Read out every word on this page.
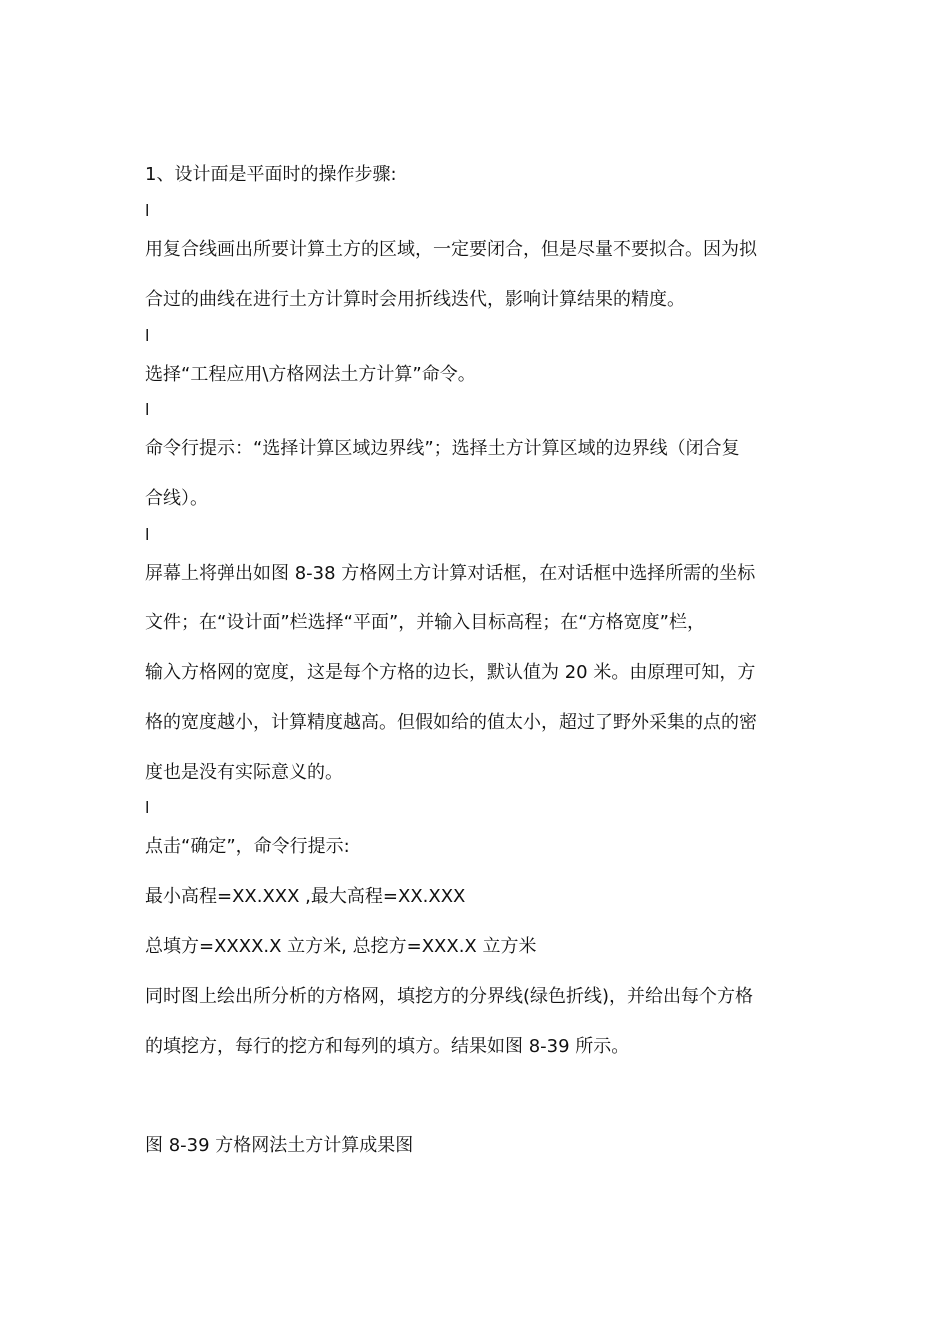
1、设计面是平面时的操作步骤:
l
用复合线画出所要计算土方的区域，一定要闭合，但是尽量不要拟合。因为拟
合过的曲线在进行土方计算时会用折线迭代，影响计算结果的精度。
l
选择“工程应用\方格网法土方计算”命令。
l
命令行提示：“选择计算区域边界线”；选择土方计算区域的边界线（闭合复
合线）。
l
屏幕上将弹出如图 8-38 方格网土方计算对话框，在对话框中选择所需的坐标
文件；在“设计面”栏选择“平面”，并输入目标高程；在“方格宽度”栏，
输入方格网的宽度，这是每个方格的边长，默认值为 20 米。由原理可知，方
格的宽度越小，计算精度越高。但假如给的值太小，超过了野外采集的点的密
度也是没有实际意义的。
l
点击“确定”，命令行提示:
最小高程=XX.XXX ,最大高程=XX.XXX
总填方=XXXX.X 立方米, 总挖方=XXX.X 立方米
同时图上绘出所分析的方格网，填挖方的分界线(绿色折线)，并给出每个方格
的填挖方，每行的挖方和每列的填方。结果如图 8-39 所示。
图 8-39 方格网法土方计算成果图
